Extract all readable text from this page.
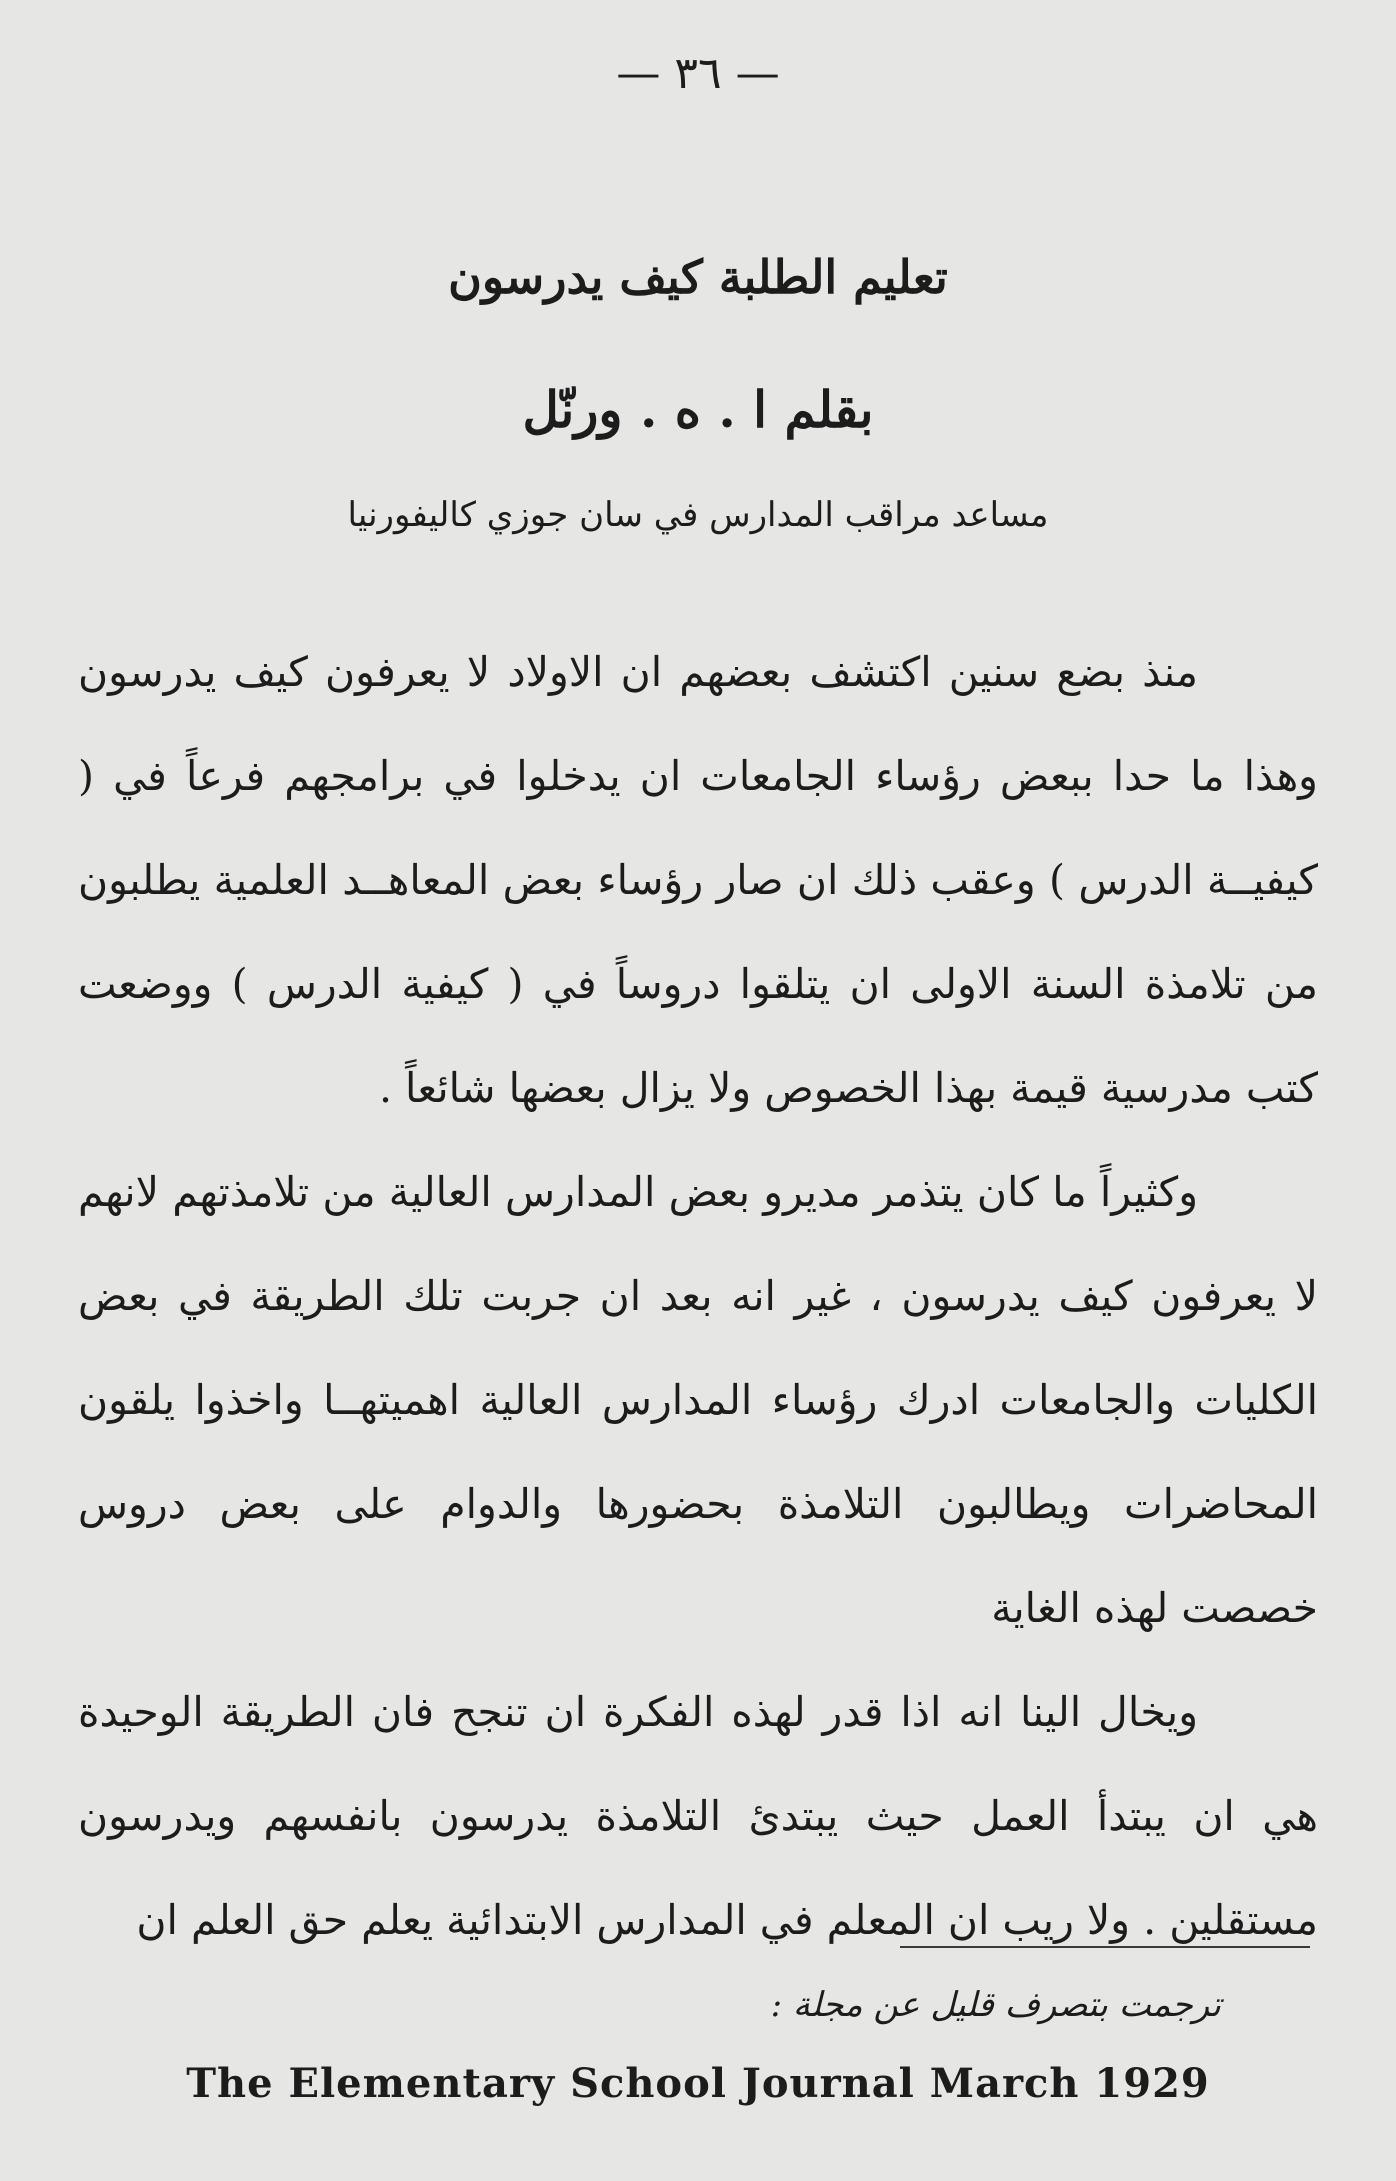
— ٣٦ —
تعليم الطلبة كيف يدرسون
بقلم ا . ه . ورنّل
مساعد مراقب المدارس في سان جوزي كاليفورنيا

منذ بضع سنين اكتشف بعضهم ان الاولاد لا يعرفون كيف يدرسون وهذا ما حدا ببعض رؤساء الجامعات ان يدخلوا في برامجهم فرعاً في ( كيفيــة الدرس ) وعقب ذلك ان صار رؤساء بعض المعاهــد العلمية يطلبون من تلامذة السنة الاولى ان يتلقوا دروساً في ( كيفية الدرس ) ووضعت كتب مدرسية قيمة بهذا الخصوص ولا يزال بعضها شائعاً .

وكثيراً ما كان يتذمر مديرو بعض المدارس العالية من تلامذتهم لانهم لا يعرفون كيف يدرسون ، غير انه بعد ان جربت تلك الطريقة في بعض الكليات والجامعات ادرك رؤساء المدارس العالية اهميتهــا واخذوا يلقون المحاضرات ويطالبون التلامذة بحضورها والدوام على بعض دروس خصصت لهذه الغاية

ويخال الينا انه اذا قدر لهذه الفكرة ان تنجح فان الطريقة الوحيدة هي ان يبتدأ العمل حيث يبتدئ التلامذة يدرسون بانفسهم ويدرسون مستقلين . ولا ريب ان المعلم في المدارس الابتدائية يعلم حق العلم ان

ترجمت بتصرف قليل عن مجلة :
The Elementary School Journal March 1929
